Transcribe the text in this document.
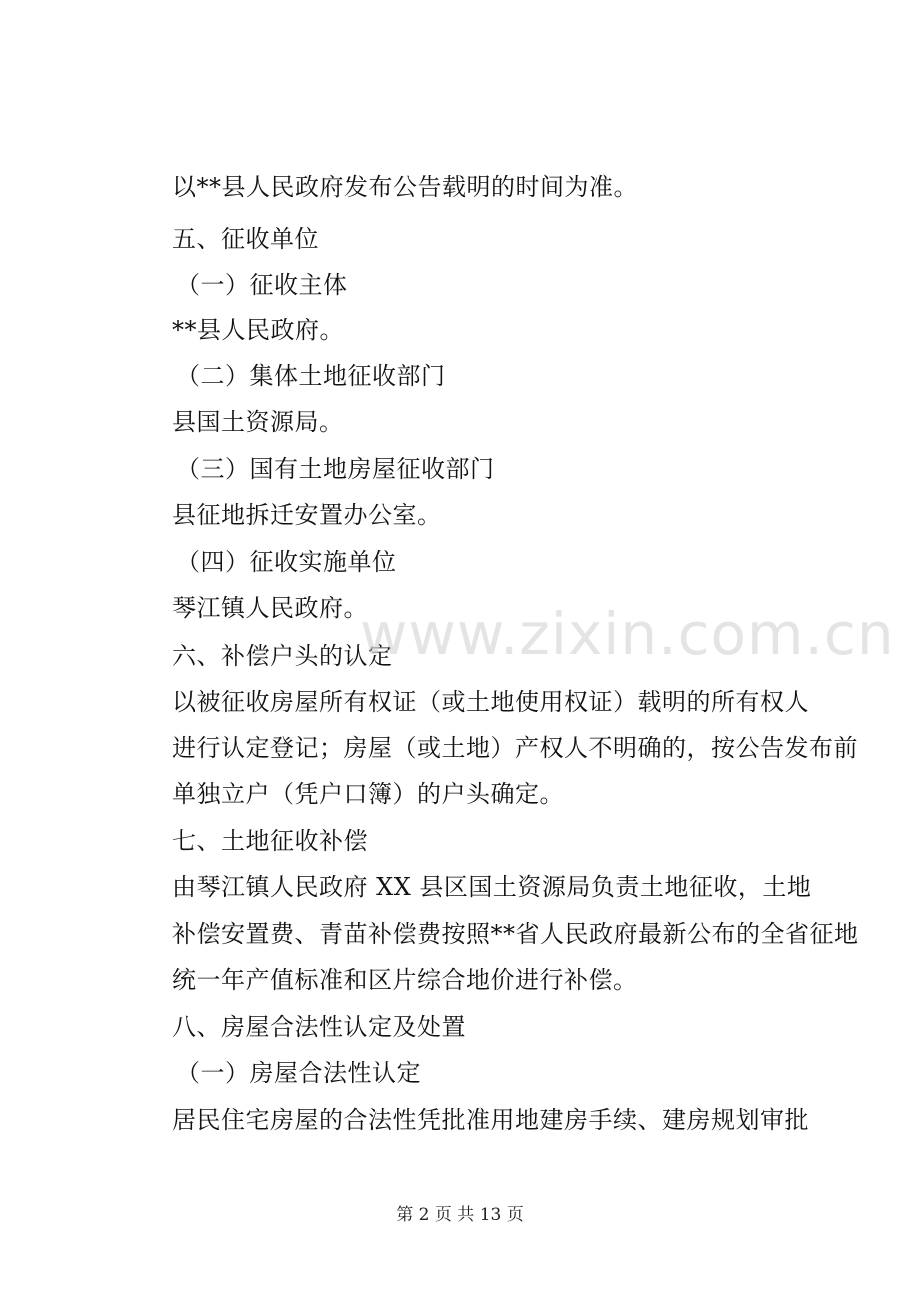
以**县人民政府发布公告载明的时间为准。
五、征收单位
（一）征收主体
**县人民政府。
（二）集体土地征收部门
县国土资源局。
（三）国有土地房屋征收部门
县征地拆迁安置办公室。
（四）征收实施单位
琴江镇人民政府。
六、补偿户头的认定
以被征收房屋所有权证（或土地使用权证）载明的所有权人
进行认定登记；房屋（或土地）产权人不明确的，按公告发布前
单独立户（凭户口簿）的户头确定。
七、土地征收补偿
由琴江镇人民政府 XX 县区国土资源局负责土地征收，土地
补偿安置费、青苗补偿费按照**省人民政府最新公布的全省征地
统一年产值标准和区片综合地价进行补偿。
八、房屋合法性认定及处置
（一）房屋合法性认定
居民住宅房屋的合法性凭批准用地建房手续、建房规划审批
www.zixin.com.cn
第 2 页 共 13 页
